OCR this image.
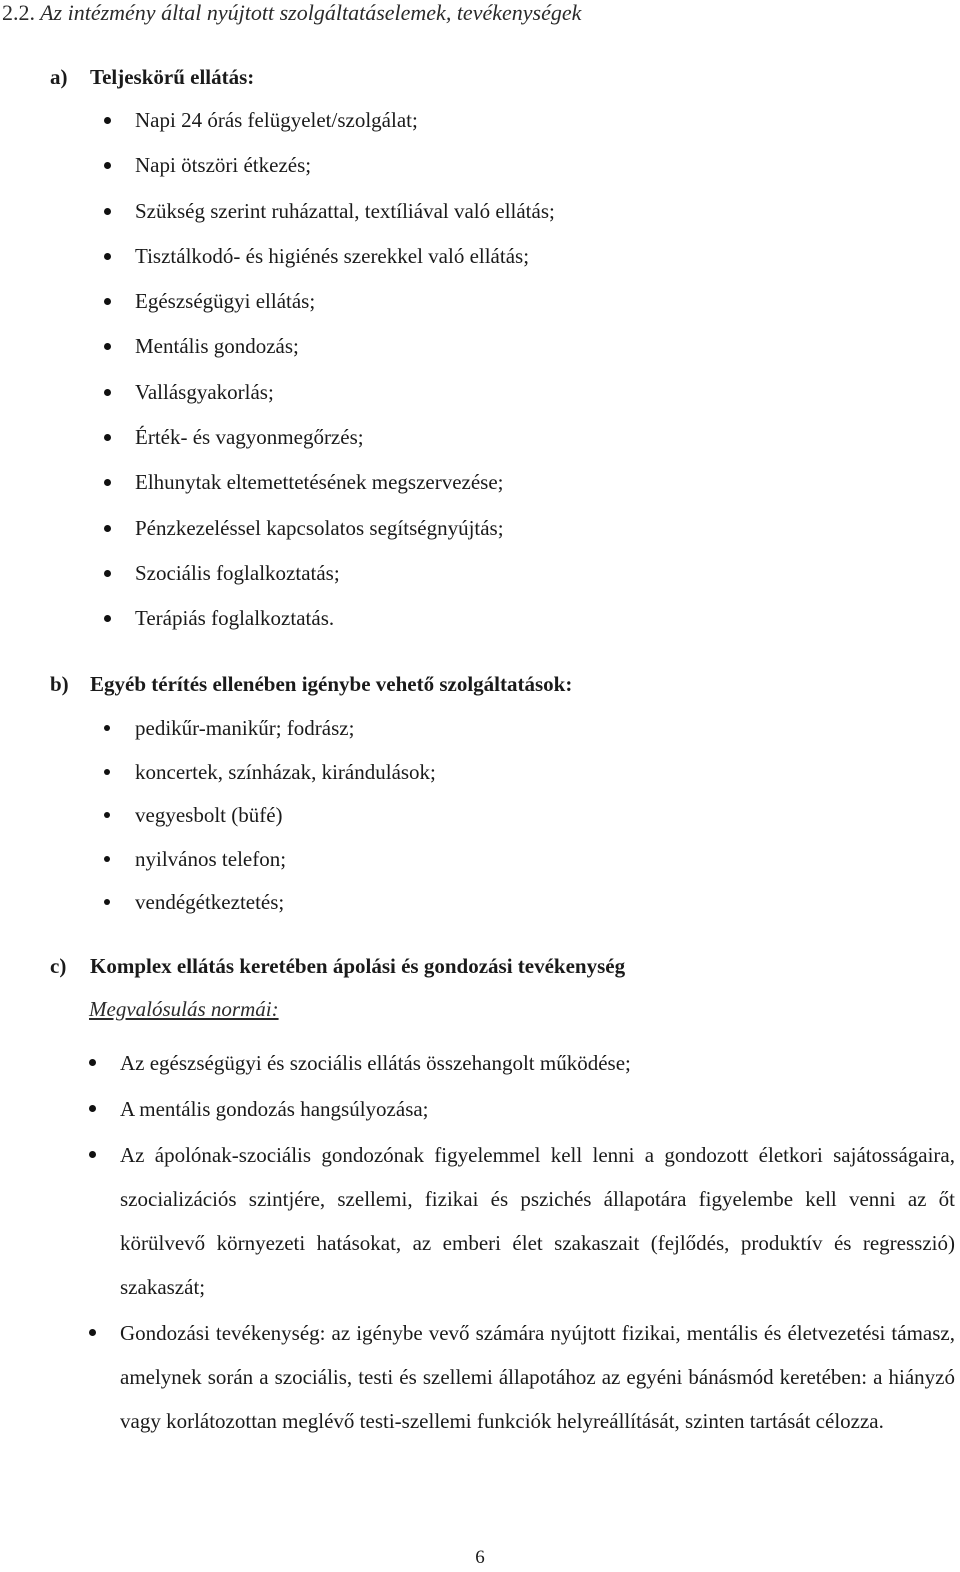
2.2. Az intézmény által nyújtott szolgáltatáselemek, tevékenységek
a) Teljeskörű ellátás:
Napi 24 órás felügyelet/szolgálat;
Napi ötszöri étkezés;
Szükség szerint ruházattal, textíliával való ellátás;
Tisztálkodó- és higiénés szerekkel való ellátás;
Egészségügyi ellátás;
Mentális gondozás;
Vallásgyakorlás;
Érték- és vagyonmegőrzés;
Elhunytak eltemettetésének megszervezése;
Pénzkezeléssel kapcsolatos segítségnyújtás;
Szociális foglalkoztatás;
Terápiás foglalkoztatás.
b) Egyéb térítés ellenében igénybe vehető szolgáltatások:
pedikűr-manikűr; fodrász;
koncertek, színházak, kirándulások;
vegyesbolt (büfé)
nyilvános telefon;
vendégétkeztetés;
c) Komplex ellátás keretében ápolási és gondozási tevékenység
Megvalósulás normái:
Az egészségügyi és szociális ellátás összehangolt működése;
A mentális gondozás hangsúlyozása;
Az ápolónak-szociális gondozónak figyelemmel kell lenni a gondozott életkori sajátosságaira, szocializációs szintjére, szellemi, fizikai és pszichés állapotára figyelembe kell venni az őt körülvevő környezeti hatásokat, az emberi élet szakaszait (fejlődés, produktív és regresszió) szakaszát;
Gondozási tevékenység: az igénybe vevő számára nyújtott fizikai, mentális és életvezetési támasz, amelynek során a szociális, testi és szellemi állapotához az egyéni bánásmód keretében: a hiányzó vagy korlátozottan meglévő testi-szellemi funkciók helyreállítását, szinten tartását célozza.
6
